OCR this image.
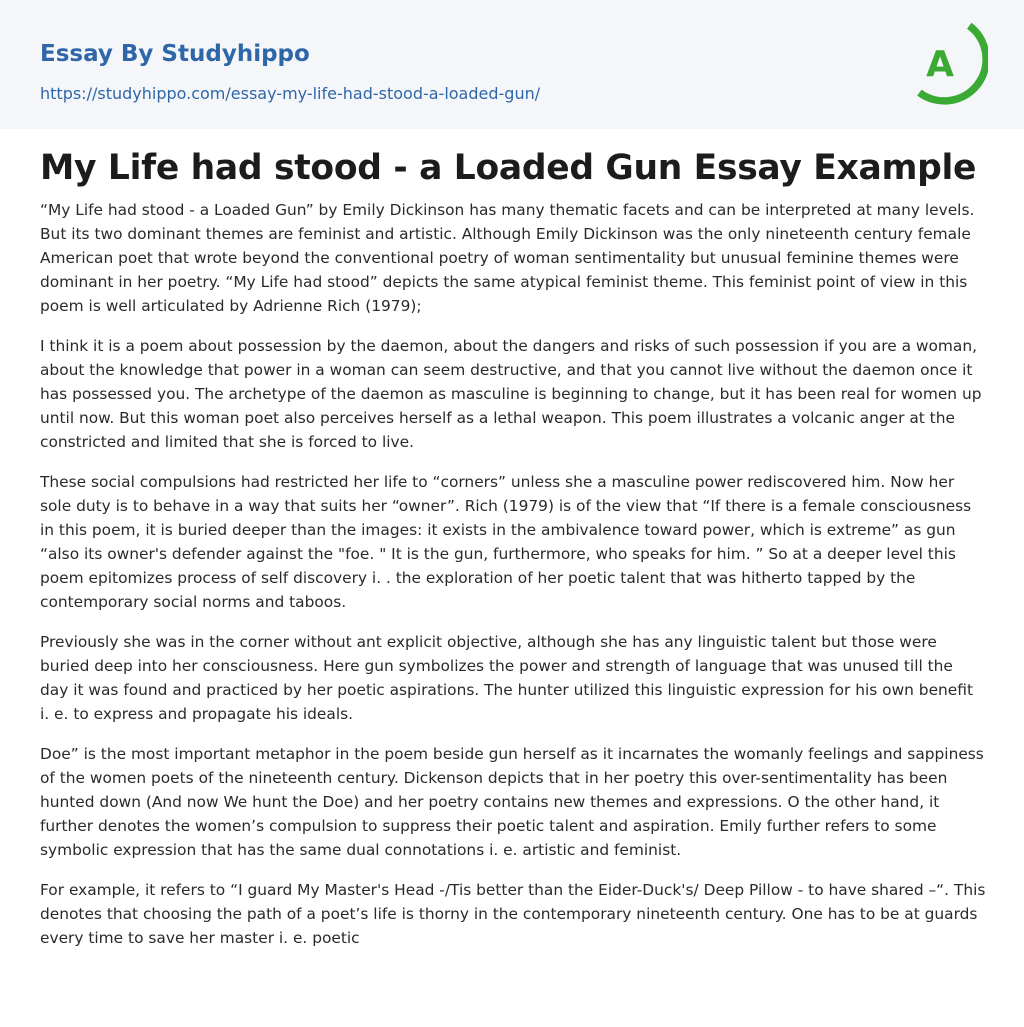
Essay By Studyhippo
https://studyhippo.com/essay-my-life-had-stood-a-loaded-gun/
A
My Life had stood - a Loaded Gun Essay Example

“My Life had stood - a Loaded Gun” by Emily Dickinson has many thematic facets and can be interpreted at many levels. But its two dominant themes are feminist and artistic. Although Emily Dickinson was the only nineteenth century female American poet that wrote beyond the conventional poetry of woman sentimentality but unusual feminine themes were dominant in her poetry. “My Life had stood” depicts the same atypical feminist theme. This feminist point of view in this poem is well articulated by Adrienne Rich (1979);

I think it is a poem about possession by the daemon, about the dangers and risks of such possession if you are a woman, about the knowledge that power in a woman can seem destructive, and that you cannot live without the daemon once it has possessed you. The archetype of the daemon as masculine is beginning to change, but it has been real for women up until now. But this woman poet also perceives herself as a lethal weapon. This poem illustrates a volcanic anger at the constricted and limited that she is forced to live.

These social compulsions had restricted her life to “corners” unless she a masculine power rediscovered him. Now her sole duty is to behave in a way that suits her “owner”. Rich (1979) is of the view that “If there is a female consciousness in this poem, it is buried deeper than the images: it exists in the ambivalence toward power, which is extreme” as gun “also its owner's defender against the "foe. " It is the gun, furthermore, who speaks for him. ” So at a deeper level this poem epitomizes process of self discovery i. . the exploration of her poetic talent that was hitherto tapped by the contemporary social norms and taboos.

Previously she was in the corner without ant explicit objective, although she has any linguistic talent but those were buried deep into her consciousness. Here gun symbolizes the power and strength of language that was unused till the day it was found and practiced by her poetic aspirations. The hunter utilized this linguistic expression for his own benefit i. e. to express and propagate his ideals.

Doe” is the most important metaphor in the poem beside gun herself as it incarnates the womanly feelings and sappiness of the women poets of the nineteenth century. Dickenson depicts that in her poetry this over-sentimentality has been hunted down (And now We hunt the Doe) and her poetry contains new themes and expressions. O the other hand, it further denotes the women’s compulsion to suppress their poetic talent and aspiration. Emily further refers to some symbolic expression that has the same dual connotations i. e. artistic and feminist.

For example, it refers to “I guard My Master's Head -/Tis better than the Eider-Duck's/ Deep Pillow - to have shared –“. This denotes that choosing the path of a poet’s life is thorny in the contemporary nineteenth century. One has to be at guards every time to save her master i. e. poetic
